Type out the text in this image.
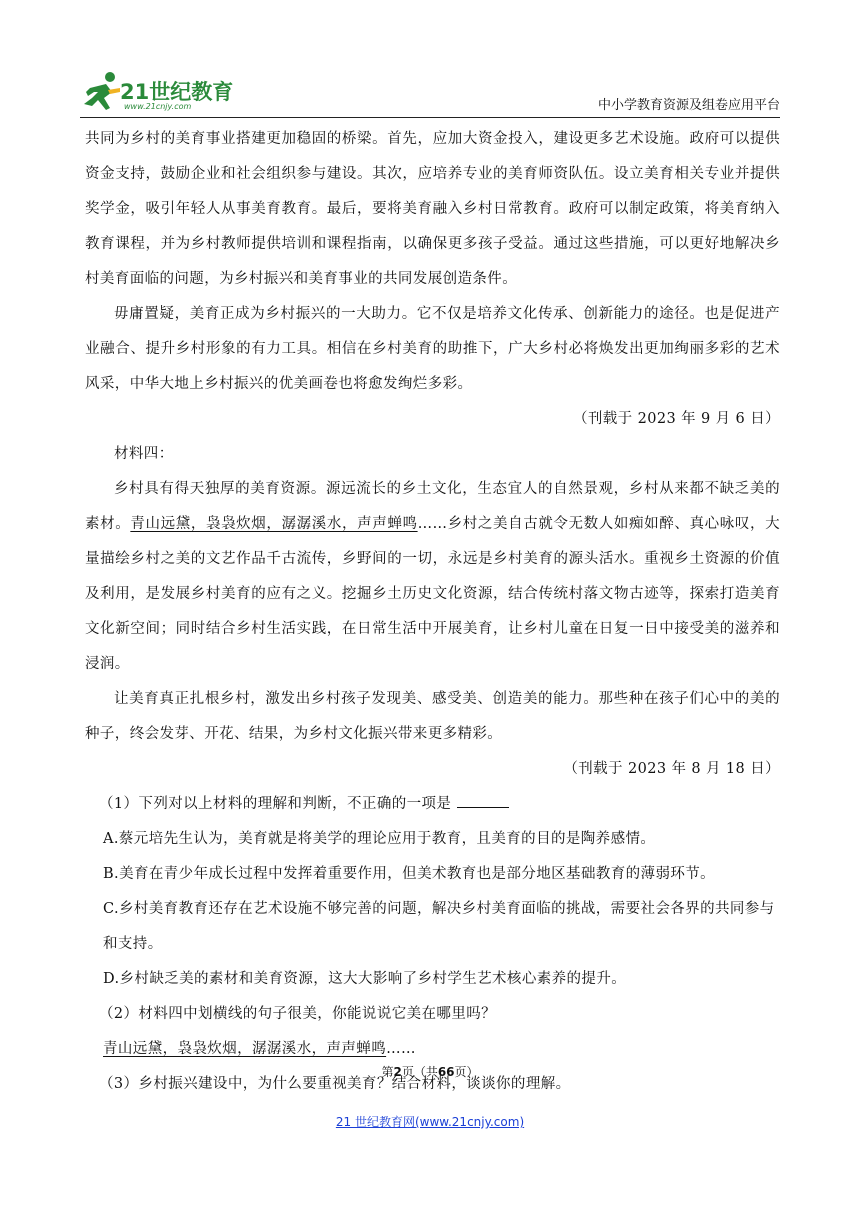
21世纪教育
www.21cnjy.com	中小学教育资源及组卷应用平台

共同为乡村的美育事业搭建更加稳固的桥梁。首先，应加大资金投入，建设更多艺术设施。政府可以提供资金支持，鼓励企业和社会组织参与建设。其次，应培养专业的美育师资队伍。设立美育相关专业并提供奖学金，吸引年轻人从事美育教育。最后，要将美育融入乡村日常教育。政府可以制定政策，将美育纳入教育课程，并为乡村教师提供培训和课程指南，以确保更多孩子受益。通过这些措施，可以更好地解决乡村美育面临的问题，为乡村振兴和美育事业的共同发展创造条件。

毋庸置疑，美育正成为乡村振兴的一大助力。它不仅是培养文化传承、创新能力的途径。也是促进产业融合、提升乡村形象的有力工具。相信在乡村美育的助推下，广大乡村必将焕发出更加绚丽多彩的艺术风采，中华大地上乡村振兴的优美画卷也将愈发绚烂多彩。

（刊载于 2023 年 9 月 6 日）

材料四：

乡村具有得天独厚的美育资源。源远流长的乡土文化，生态宜人的自然景观，乡村从来都不缺乏美的素材。青山远黛，袅袅炊烟，潺潺溪水，声声蝉鸣……乡村之美自古就令无数人如痴如醉、真心咏叹，大量描绘乡村之美的文艺作品千古流传，乡野间的一切，永远是乡村美育的源头活水。重视乡土资源的价值及利用，是发展乡村美育的应有之义。挖掘乡土历史文化资源，结合传统村落文物古迹等，探索打造美育文化新空间；同时结合乡村生活实践，在日常生活中开展美育，让乡村儿童在日复一日中接受美的滋养和浸润。

让美育真正扎根乡村，激发出乡村孩子发现美、感受美、创造美的能力。那些种在孩子们心中的美的种子，终会发芽、开花、结果，为乡村文化振兴带来更多精彩。

（刊载于 2023 年 8 月 18 日）

（1）下列对以上材料的理解和判断，不正确的一项是

A.蔡元培先生认为，美育就是将美学的理论应用于教育，且美育的目的是陶养感情。

B.美育在青少年成长过程中发挥着重要作用，但美术教育也是部分地区基础教育的薄弱环节。

C.乡村美育教育还存在艺术设施不够完善的问题，解决乡村美育面临的挑战，需要社会各界的共同参与

和支持。

D.乡村缺乏美的素材和美育资源，这大大影响了乡村学生艺术核心素养的提升。

（2）材料四中划横线的句子很美，你能说说它美在哪里吗？

青山远黛，袅袅炊烟，潺潺溪水，声声蝉鸣……

（3）乡村振兴建设中，为什么要重视美育？结合材料，谈谈你的理解。

第2页（共66页）
21 世纪教育网(www.21cnjy.com)
